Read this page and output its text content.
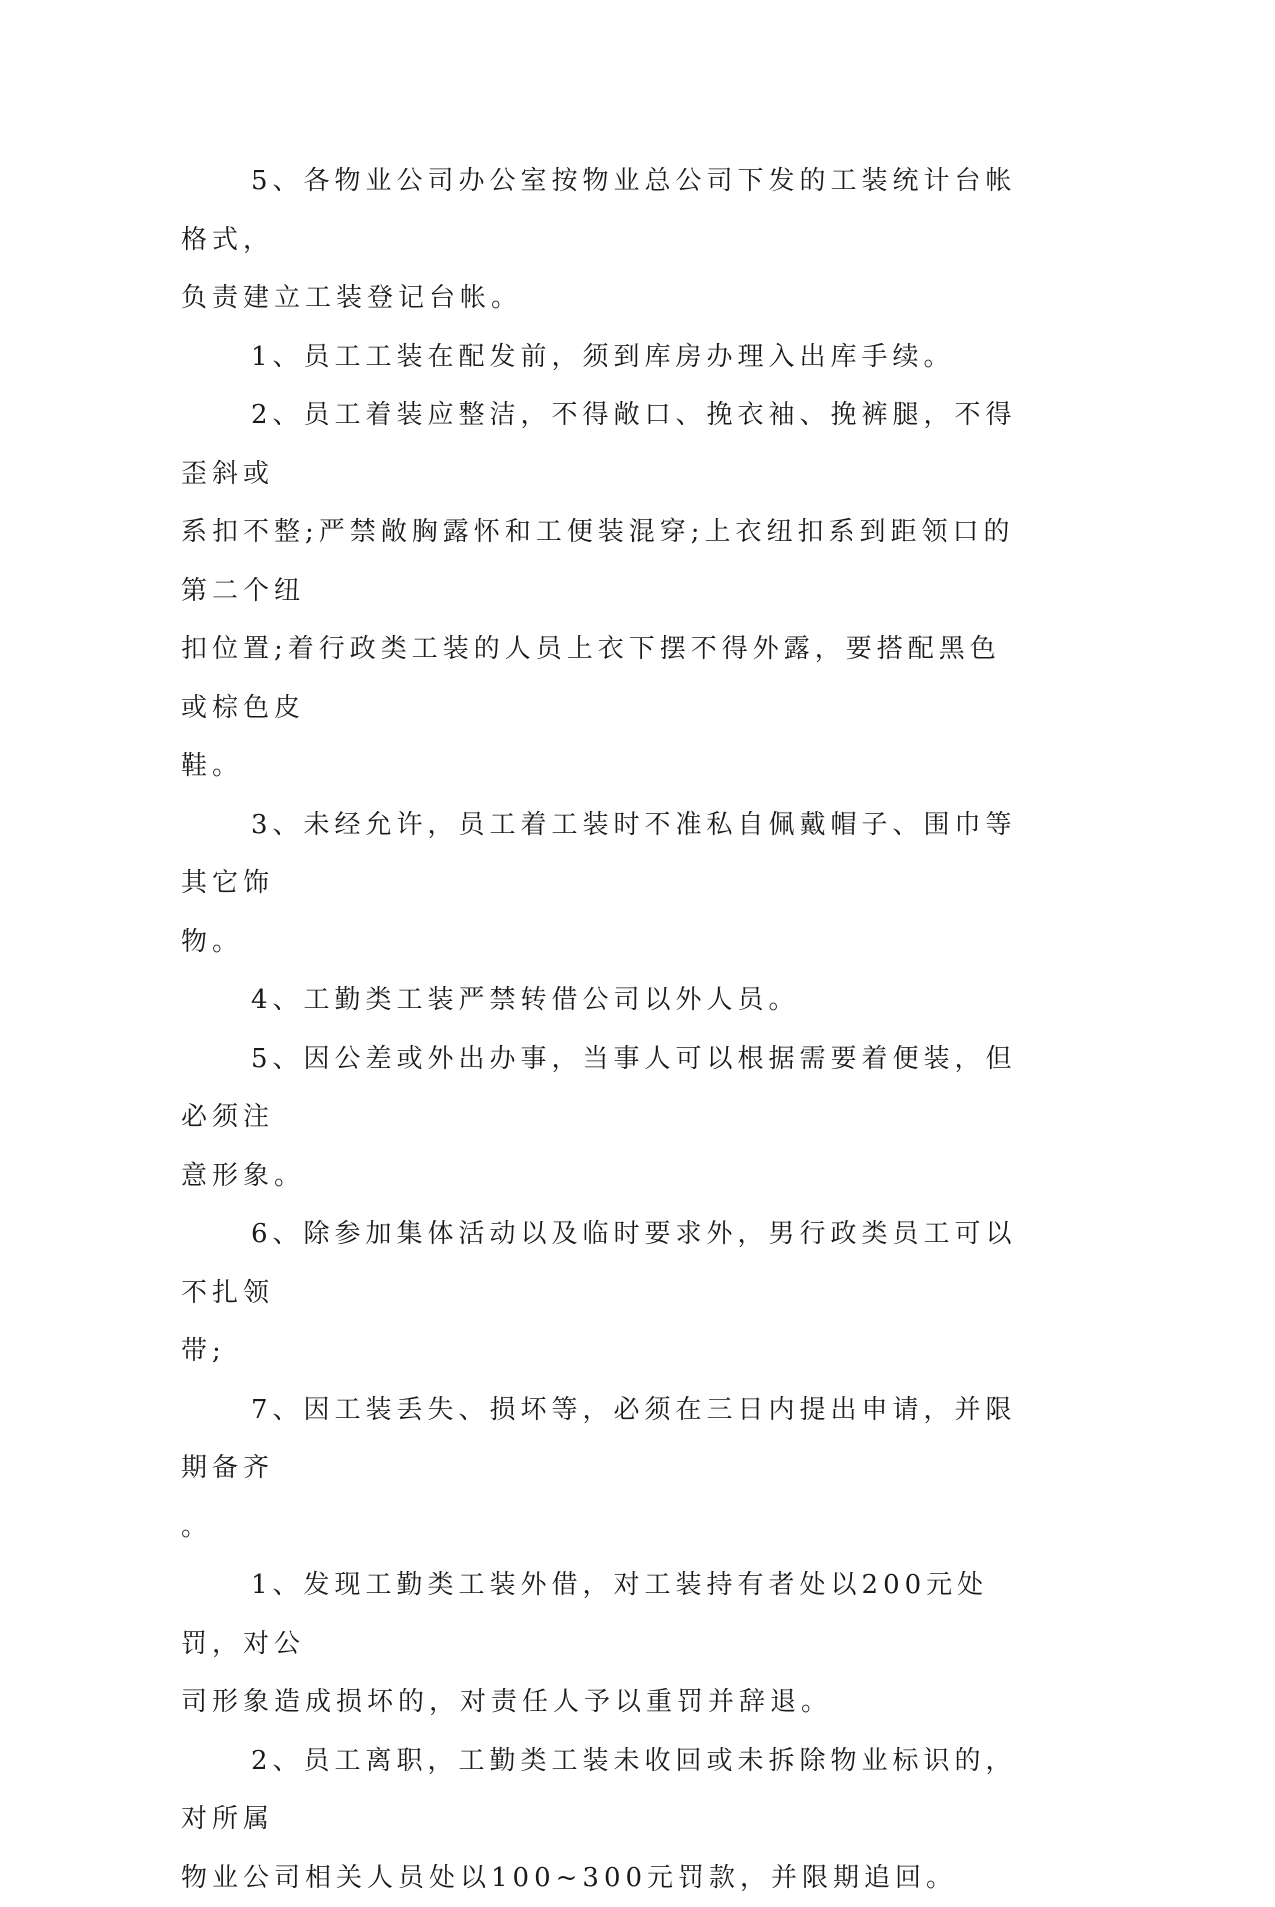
5、各物业公司办公室按物业总公司下发的工装统计台帐格式，
负责建立工装登记台帐。

1、员工工装在配发前，须到库房办理入出库手续。

2、员工着装应整洁，不得敞口、挽衣袖、挽裤腿，不得歪斜或
系扣不整;严禁敞胸露怀和工便装混穿;上衣纽扣系到距领口的第二个纽
扣位置;着行政类工装的人员上衣下摆不得外露，要搭配黑色或棕色皮
鞋。

3、未经允许，员工着工装时不准私自佩戴帽子、围巾等其它饰
物。

4、工勤类工装严禁转借公司以外人员。

5、因公差或外出办事，当事人可以根据需要着便装，但必须注
意形象。

6、除参加集体活动以及临时要求外，男行政类员工可以不扎领
带;

7、因工装丢失、损坏等，必须在三日内提出申请，并限期备齐
。

1、发现工勤类工装外借，对工装持有者处以200元处罚，对公
司形象造成损坏的，对责任人予以重罚并辞退。

2、员工离职，工勤类工装未收回或未拆除物业标识的，对所属
物业公司相关人员处以100~300元罚款，并限期追回。
